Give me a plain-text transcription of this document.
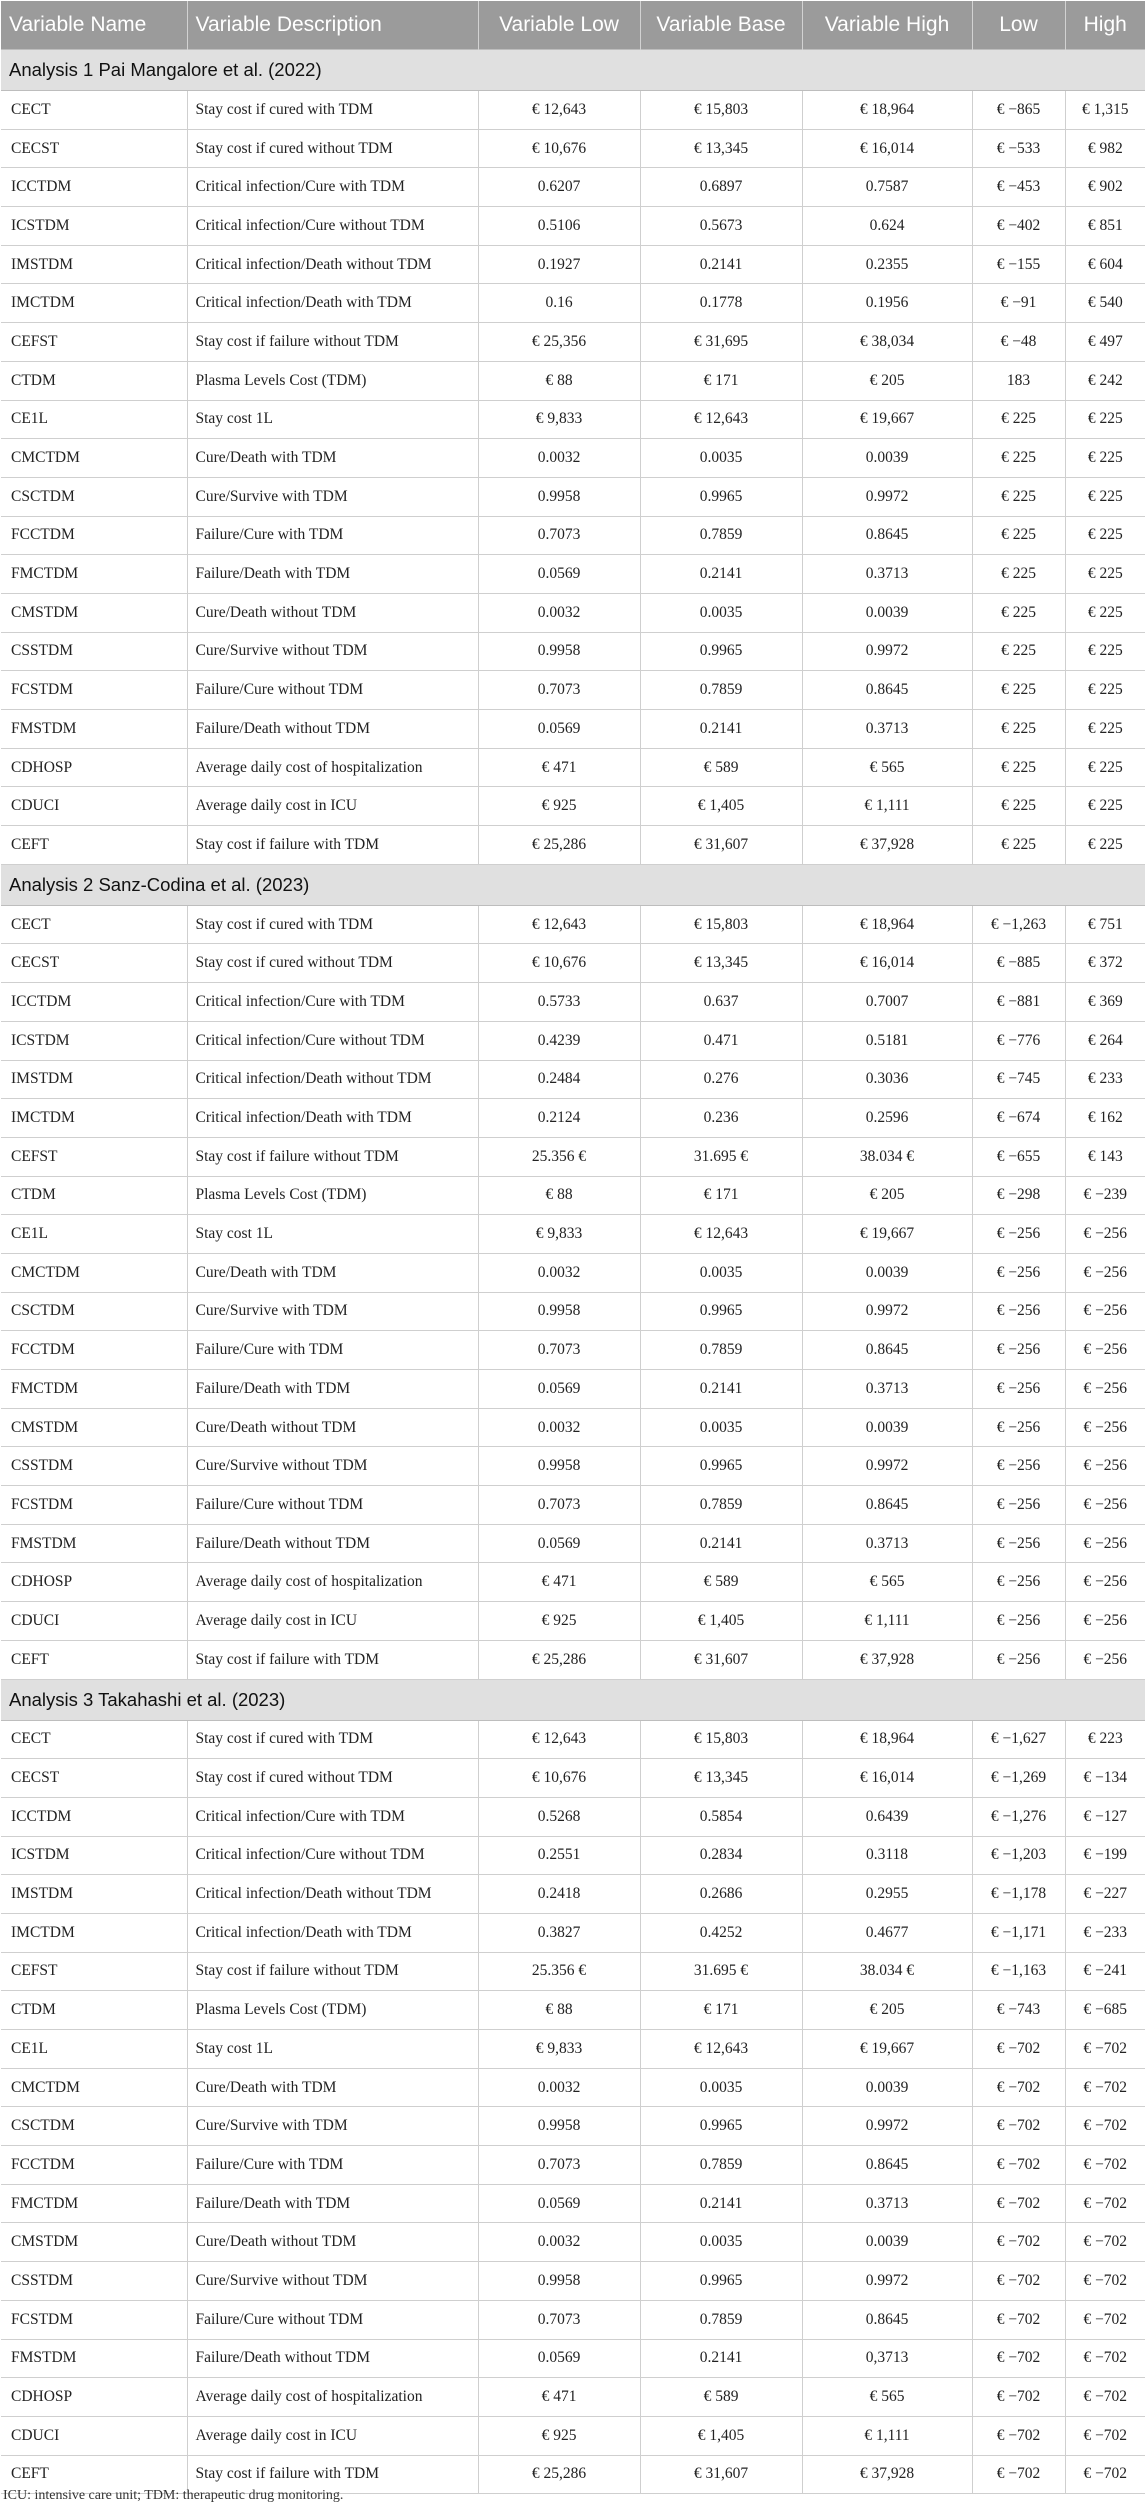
Variable Name	Variable Description	Variable Low	Variable Base	Variable High	Low	High
Analysis 1 Pai Mangalore et al. (2022)						
CECT	Stay cost if cured with TDM	€ 12,643	€ 15,803	€ 18,964	€ −865	€ 1,315
CECST	Stay cost if cured without TDM	€ 10,676	€ 13,345	€ 16,014	€ −533	€ 982
ICCTDM	Critical infection/Cure with TDM	0.6207	0.6897	0.7587	€ −453	€ 902
ICSTDM	Critical infection/Cure without TDM	0.5106	0.5673	0.624	€ −402	€ 851
IMSTDM	Critical infection/Death without TDM	0.1927	0.2141	0.2355	€ −155	€ 604
IMCTDM	Critical infection/Death with TDM	0.16	0.1778	0.1956	€ −91	€ 540
CEFST	Stay cost if failure without TDM	€ 25,356	€ 31,695	€ 38,034	€ −48	€ 497
CTDM	Plasma Levels Cost (TDM)	€ 88	€ 171	€ 205	183	€ 242
CE1L	Stay cost 1L	€ 9,833	€ 12,643	€ 19,667	€ 225	€ 225
CMCTDM	Cure/Death with TDM	0.0032	0.0035	0.0039	€ 225	€ 225
CSCTDM	Cure/Survive with TDM	0.9958	0.9965	0.9972	€ 225	€ 225
FCCTDM	Failure/Cure with TDM	0.7073	0.7859	0.8645	€ 225	€ 225
FMCTDM	Failure/Death with TDM	0.0569	0.2141	0.3713	€ 225	€ 225
CMSTDM	Cure/Death without TDM	0.0032	0.0035	0.0039	€ 225	€ 225
CSSTDM	Cure/Survive without TDM	0.9958	0.9965	0.9972	€ 225	€ 225
FCSTDM	Failure/Cure without TDM	0.7073	0.7859	0.8645	€ 225	€ 225
FMSTDM	Failure/Death without TDM	0.0569	0.2141	0.3713	€ 225	€ 225
CDHOSP	Average daily cost of hospitalization	€ 471	€ 589	€ 565	€ 225	€ 225
CDUCI	Average daily cost in ICU	€ 925	€ 1,405	€ 1,111	€ 225	€ 225
CEFT	Stay cost if failure with TDM	€ 25,286	€ 31,607	€ 37,928	€ 225	€ 225
Analysis 2 Sanz-Codina et al. (2023)						
CECT	Stay cost if cured with TDM	€ 12,643	€ 15,803	€ 18,964	€ −1,263	€ 751
CECST	Stay cost if cured without TDM	€ 10,676	€ 13,345	€ 16,014	€ −885	€ 372
ICCTDM	Critical infection/Cure with TDM	0.5733	0.637	0.7007	€ −881	€ 369
ICSTDM	Critical infection/Cure without TDM	0.4239	0.471	0.5181	€ −776	€ 264
IMSTDM	Critical infection/Death without TDM	0.2484	0.276	0.3036	€ −745	€ 233
IMCTDM	Critical infection/Death with TDM	0.2124	0.236	0.2596	€ −674	€ 162
CEFST	Stay cost if failure without TDM	25.356 €	31.695 €	38.034 €	€ −655	€ 143
CTDM	Plasma Levels Cost (TDM)	€ 88	€ 171	€ 205	€ −298	€ −239
CE1L	Stay cost 1L	€ 9,833	€ 12,643	€ 19,667	€ −256	€ −256
CMCTDM	Cure/Death with TDM	0.0032	0.0035	0.0039	€ −256	€ −256
CSCTDM	Cure/Survive with TDM	0.9958	0.9965	0.9972	€ −256	€ −256
FCCTDM	Failure/Cure with TDM	0.7073	0.7859	0.8645	€ −256	€ −256
FMCTDM	Failure/Death with TDM	0.0569	0.2141	0.3713	€ −256	€ −256
CMSTDM	Cure/Death without TDM	0.0032	0.0035	0.0039	€ −256	€ −256
CSSTDM	Cure/Survive without TDM	0.9958	0.9965	0.9972	€ −256	€ −256
FCSTDM	Failure/Cure without TDM	0.7073	0.7859	0.8645	€ −256	€ −256
FMSTDM	Failure/Death without TDM	0.0569	0.2141	0.3713	€ −256	€ −256
CDHOSP	Average daily cost of hospitalization	€ 471	€ 589	€ 565	€ −256	€ −256
CDUCI	Average daily cost in ICU	€ 925	€ 1,405	€ 1,111	€ −256	€ −256
CEFT	Stay cost if failure with TDM	€ 25,286	€ 31,607	€ 37,928	€ −256	€ −256
Analysis 3 Takahashi et al. (2023)						
CECT	Stay cost if cured with TDM	€ 12,643	€ 15,803	€ 18,964	€ −1,627	€ 223
CECST	Stay cost if cured without TDM	€ 10,676	€ 13,345	€ 16,014	€ −1,269	€ −134
ICCTDM	Critical infection/Cure with TDM	0.5268	0.5854	0.6439	€ −1,276	€ −127
ICSTDM	Critical infection/Cure without TDM	0.2551	0.2834	0.3118	€ −1,203	€ −199
IMSTDM	Critical infection/Death without TDM	0.2418	0.2686	0.2955	€ −1,178	€ −227
IMCTDM	Critical infection/Death with TDM	0.3827	0.4252	0.4677	€ −1,171	€ −233
CEFST	Stay cost if failure without TDM	25.356 €	31.695 €	38.034 €	€ −1,163	€ −241
CTDM	Plasma Levels Cost (TDM)	€ 88	€ 171	€ 205	€ −743	€ −685
CE1L	Stay cost 1L	€ 9,833	€ 12,643	€ 19,667	€ −702	€ −702
CMCTDM	Cure/Death with TDM	0.0032	0.0035	0.0039	€ −702	€ −702
CSCTDM	Cure/Survive with TDM	0.9958	0.9965	0.9972	€ −702	€ −702
FCCTDM	Failure/Cure with TDM	0.7073	0.7859	0.8645	€ −702	€ −702
FMCTDM	Failure/Death with TDM	0.0569	0.2141	0.3713	€ −702	€ −702
CMSTDM	Cure/Death without TDM	0.0032	0.0035	0.0039	€ −702	€ −702
CSSTDM	Cure/Survive without TDM	0.9958	0.9965	0.9972	€ −702	€ −702
FCSTDM	Failure/Cure without TDM	0.7073	0.7859	0.8645	€ −702	€ −702
FMSTDM	Failure/Death without TDM	0.0569	0.2141	0,3713	€ −702	€ −702
CDHOSP	Average daily cost of hospitalization	€ 471	€ 589	€ 565	€ −702	€ −702
CDUCI	Average daily cost in ICU	€ 925	€ 1,405	€ 1,111	€ −702	€ −702
CEFT	Stay cost if failure with TDM	€ 25,286	€ 31,607	€ 37,928	€ −702	€ −702
ICU: intensive care unit; TDM: therapeutic drug monitoring.
